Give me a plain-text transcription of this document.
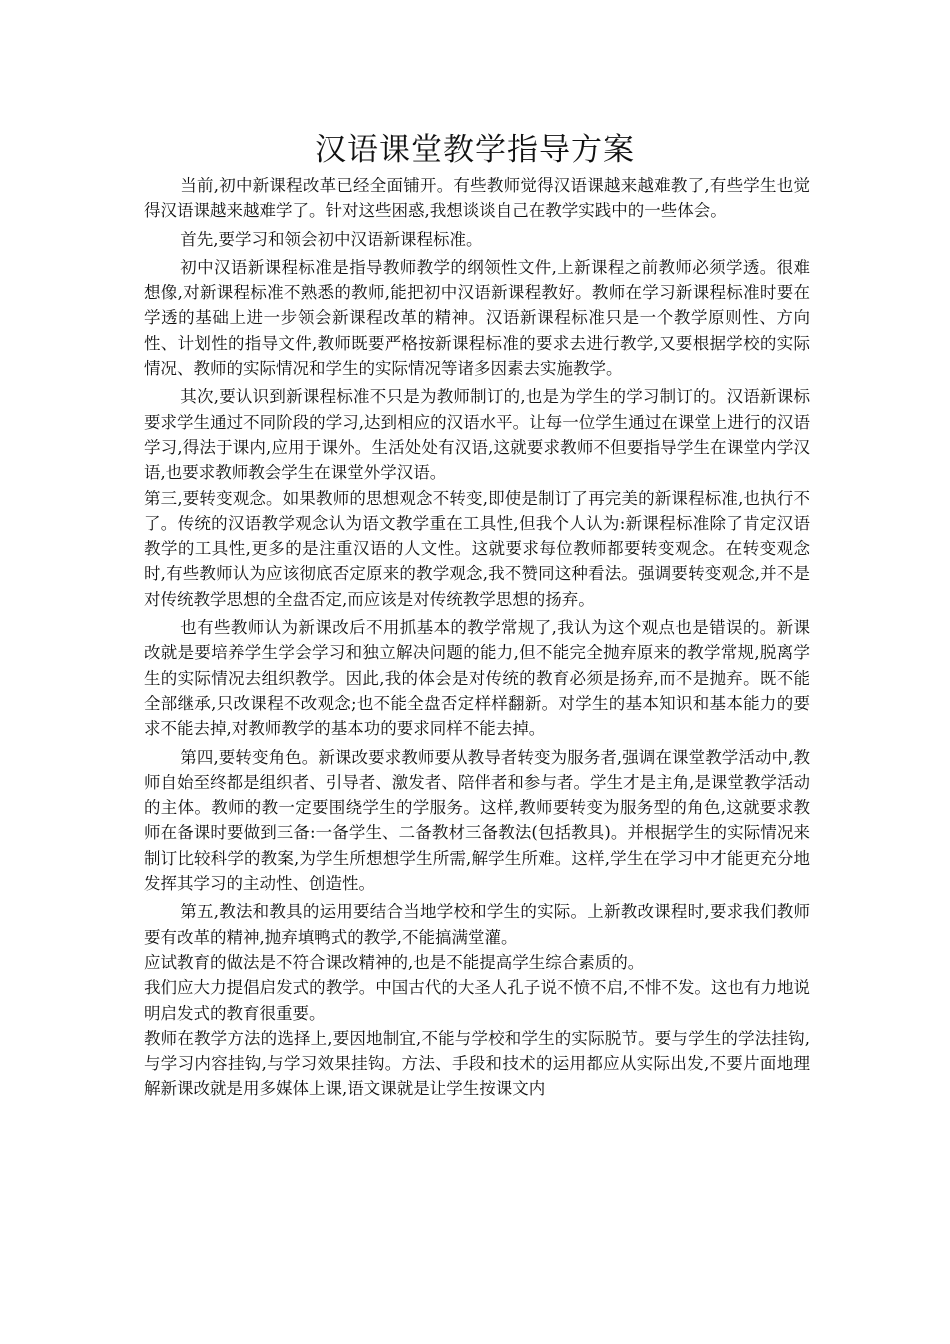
汉语课堂教学指导方案

当前,初中新课程改革已经全面铺开。有些教师觉得汉语课越来越难教了,有些学生也觉得汉语课越来越难学了。针对这些困惑,我想谈谈自己在教学实践中的一些体会。

首先,要学习和领会初中汉语新课程标准。

初中汉语新课程标准是指导教师教学的纲领性文件,上新课程之前教师必须学透。很难想像,对新课程标准不熟悉的教师,能把初中汉语新课程教好。教师在学习新课程标准时要在学透的基础上进一步领会新课程改革的精神。汉语新课程标准只是一个教学原则性、方向性、计划性的指导文件,教师既要严格按新课程标准的要求去进行教学,又要根据学校的实际情况、教师的实际情况和学生的实际情况等诸多因素去实施教学。

其次,要认识到新课程标准不只是为教师制订的,也是为学生的学习制订的。汉语新课标要求学生通过不同阶段的学习,达到相应的汉语水平。让每一位学生通过在课堂上进行的汉语学习,得法于课内,应用于课外。生活处处有汉语,这就要求教师不但要指导学生在课堂内学汉语,也要求教师教会学生在课堂外学汉语。

第三,要转变观念。如果教师的思想观念不转变,即使是制订了再完美的新课程标准,也执行不了。传统的汉语教学观念认为语文教学重在工具性,但我个人认为:新课程标准除了肯定汉语教学的工具性,更多的是注重汉语的人文性。这就要求每位教师都要转变观念。在转变观念时,有些教师认为应该彻底否定原来的教学观念,我不赞同这种看法。强调要转变观念,并不是对传统教学思想的全盘否定,而应该是对传统教学思想的扬弃。

也有些教师认为新课改后不用抓基本的教学常规了,我认为这个观点也是错误的。新课改就是要培养学生学会学习和独立解决问题的能力,但不能完全抛弃原来的教学常规,脱离学生的实际情况去组织教学。因此,我的体会是对传统的教育必须是扬弃,而不是抛弃。既不能全部继承,只改课程不改观念;也不能全盘否定样样翻新。对学生的基本知识和基本能力的要求不能去掉,对教师教学的基本功的要求同样不能去掉。

第四,要转变角色。新课改要求教师要从教导者转变为服务者,强调在课堂教学活动中,教师自始至终都是组织者、引导者、激发者、陪伴者和参与者。学生才是主角,是课堂教学活动的主体。教师的教一定要围绕学生的学服务。这样,教师要转变为服务型的角色,这就要求教师在备课时要做到三备:一备学生、二备教材三备教法(包括教具)。并根据学生的实际情况来制订比较科学的教案,为学生所想想学生所需,解学生所难。这样,学生在学习中才能更充分地发挥其学习的主动性、创造性。

第五,教法和教具的运用要结合当地学校和学生的实际。上新教改课程时,要求我们教师要有改革的精神,抛弃填鸭式的教学,不能搞满堂灌。

应试教育的做法是不符合课改精神的,也是不能提高学生综合素质的。

我们应大力提倡启发式的教学。中国古代的大圣人孔子说不愤不启,不悱不发。这也有力地说明启发式的教育很重要。

教师在教学方法的选择上,要因地制宜,不能与学校和学生的实际脱节。要与学生的学法挂钩,与学习内容挂钩,与学习效果挂钩。方法、手段和技术的运用都应从实际出发,不要片面地理解新课改就是用多媒体上课,语文课就是让学生按课文内
